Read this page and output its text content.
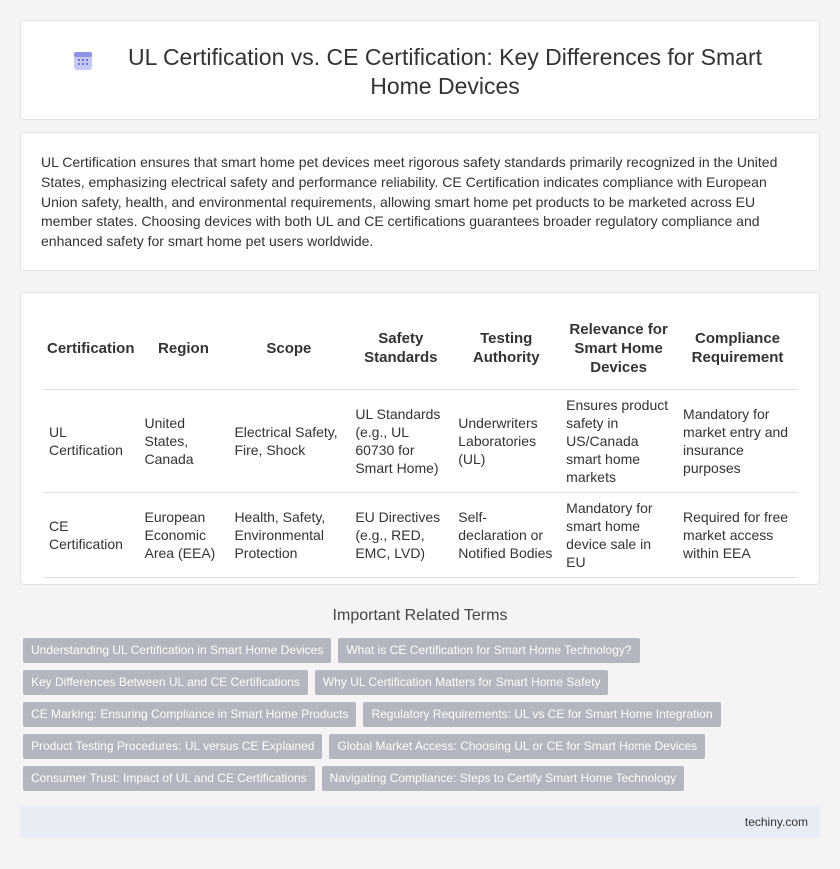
UL Certification vs. CE Certification: Key Differences for Smart Home Devices

UL Certification ensures that smart home pet devices meet rigorous safety standards primarily recognized in the United States, emphasizing electrical safety and performance reliability. CE Certification indicates compliance with European Union safety, health, and environmental requirements, allowing smart home pet products to be marketed across EU member states. Choosing devices with both UL and CE certifications guarantees broader regulatory compliance and enhanced safety for smart home pet users worldwide.

Certification	Region	Scope	Safety Standards	Testing Authority	Relevance for Smart Home Devices	Compliance Requirement
UL Certification	United States, Canada	Electrical Safety, Fire, Shock	UL Standards (e.g., UL 60730 for Smart Home)	Underwriters Laboratories (UL)	Ensures product safety in US/Canada smart home markets	Mandatory for market entry and insurance purposes
CE Certification	European Economic Area (EEA)	Health, Safety, Environmental Protection	EU Directives (e.g., RED, EMC, LVD)	Self-declaration or Notified Bodies	Mandatory for smart home device sale in EU	Required for free market access within EEA
Important Related Terms
Understanding UL Certification in Smart Home Devices	What is CE Certification for Smart Home Technology?
Key Differences Between UL and CE Certifications	Why UL Certification Matters for Smart Home Safety
CE Marking: Ensuring Compliance in Smart Home Products	Regulatory Requirements: UL vs CE for Smart Home Integration
Product Testing Procedures: UL versus CE Explained	Global Market Access: Choosing UL or CE for Smart Home Devices
Consumer Trust: Impact of UL and CE Certifications	Navigating Compliance: Steps to Certify Smart Home Technology
techiny.com
